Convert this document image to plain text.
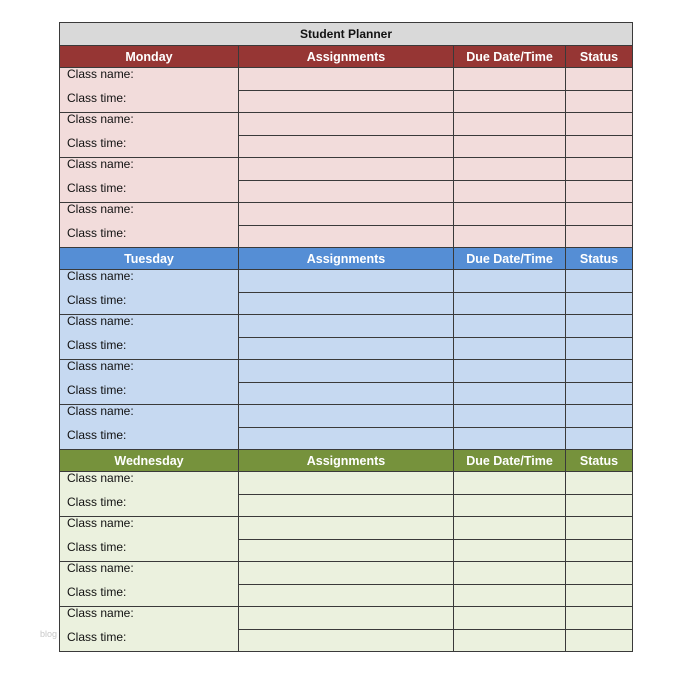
Student Planner			
Monday	Assignments	Due Date/Time	Status

Class name:
Class time:			

Class name:
Class time:			

Class name:
Class time:			

Class name:
Class time:			

Tuesday	Assignments	Due Date/Time	Status

Class name:
Class time:			

Class name:
Class time:			

Class name:
Class time:			

Class name:
Class time:			

Wednesday	Assignments	Due Date/Time	Status

Class name:
Class time:			

Class name:
Class time:			

Class name:
Class time:			

Class name:
Class time:			

blog
